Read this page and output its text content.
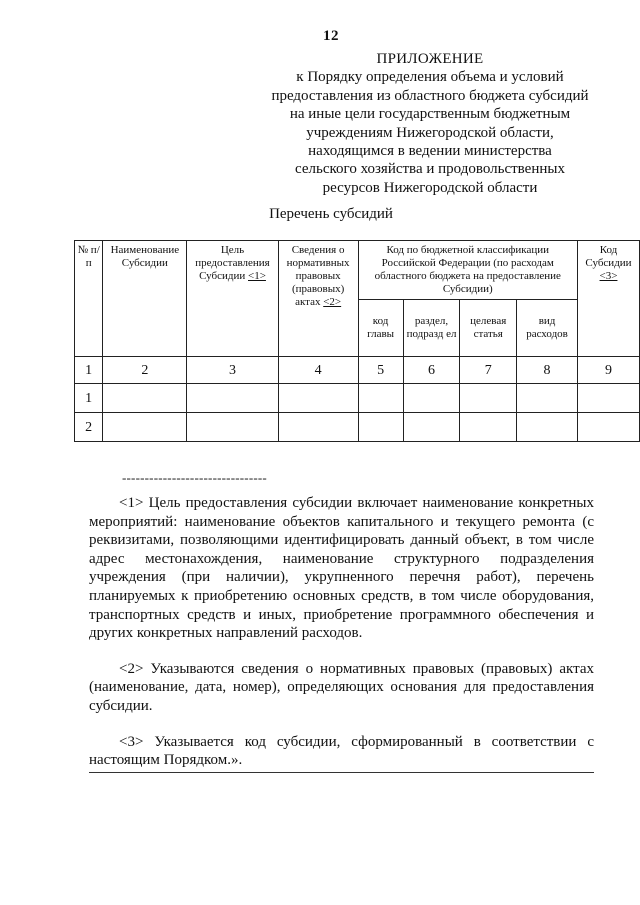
12
ПРИЛОЖЕНИЕ
к Порядку определения объема и условий
предоставления из областного бюджета субсидий
на иные цели государственным бюджетным
учреждениям Нижегородской области,
находящимся в ведении министерства
сельского хозяйства и продовольственных
ресурсов Нижегородской области
Перечень субсидий
№ п/п	Наименование Субсидии	Цель предоставления Субсидии <1>	Сведения о нормативных правовых (правовых) актах <2>	Код по бюджетной классификации Российской Федерации (по расходам областного бюджета на предоставление Субсидии)				Код Субсидии <3>
				код главы	раздел, подразд ел	целевая статья	вид расходов	
1	2	3	4	5	6	7	8	9
1								
2								
--------------------------------

<1> Цель предоставления субсидии включает наименование конкретных мероприятий: наименование объектов капитального и текущего ремонта (с реквизитами, позволяющими идентифицировать данный объект, в том числе адрес местонахождения, наименование структурного подразделения учреждения (при наличии), укрупненного перечня работ), перечень планируемых к приобретению основных средств, в том числе оборудования, транспортных средств и иных, приобретение программного обеспечения и других конкретных направлений расходов.

<2> Указываются сведения о нормативных правовых (правовых) актах (наименование, дата, номер), определяющих основания для предоставления субсидии.

<3> Указывается код субсидии, сформированный в соответствии с настоящим Порядком.».
